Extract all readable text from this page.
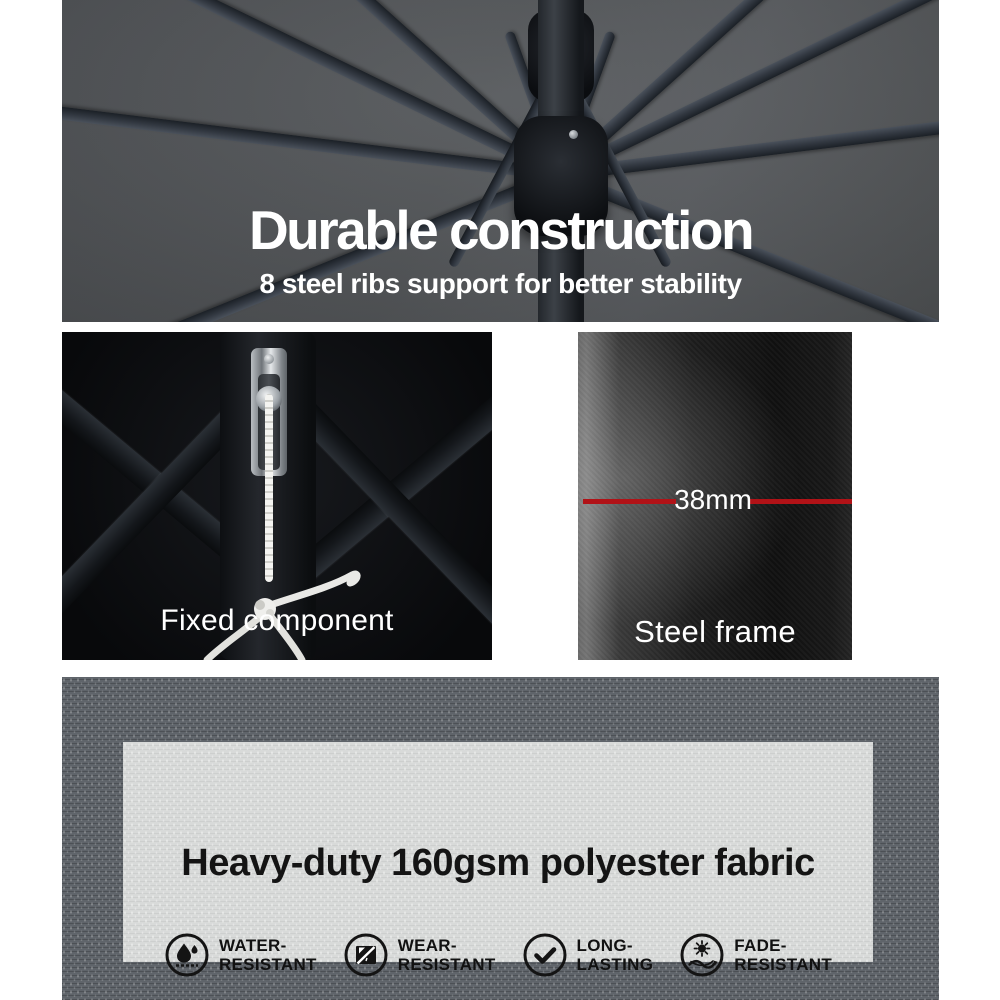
Durable construction

8 steel ribs support for better stability

Fixed component

38mm

Steel frame

Heavy-duty 160gsm polyester fabric
WATER-
RESISTANT
WEAR-
RESISTANT
LONG-
LASTING
FADE-
RESISTANT
